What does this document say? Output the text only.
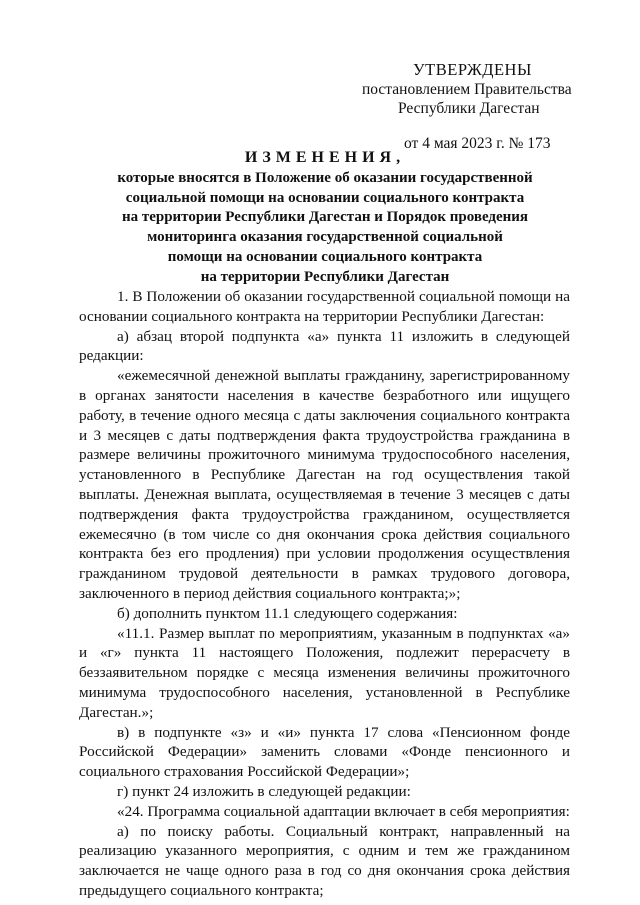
УТВЕРЖДЕНЫ
постановлением Правительства
Республики Дагестан
от 4 мая 2023 г. № 173
ИЗМЕНЕНИЯ,
которые вносятся в Положение об оказании государственной
социальной помощи на основании социального контракта
на территории Республики Дагестан и Порядок проведения
мониторинга оказания государственной социальной
помощи на основании социального контракта
на территории Республики Дагестан

1. В Положении об оказании государственной социальной помощи на основании социального контракта на территории Республики Дагестан:

а) абзац второй подпункта «а» пункта 11 изложить в следующей редакции:

«ежемесячной денежной выплаты гражданину, зарегистрированному в органах занятости населения в качестве безработного или ищущего работу, в течение одного месяца с даты заключения социального контракта и 3 месяцев с даты подтверждения факта трудоустройства гражданина в размере величины прожиточного минимума трудоспособного населения, установленного в Республике Дагестан на год осуществления такой выплаты. Денежная выплата, осуществляемая в течение 3 месяцев с даты подтверждения факта трудоустройства гражданином, осуществляется ежемесячно (в том числе со дня окончания срока действия социального контракта без его продления) при условии продолжения осуществления гражданином трудовой деятельности в рамках трудового договора, заключенного в период действия социального контракта;»;

б) дополнить пунктом 11.1 следующего содержания:

«11.1. Размер выплат по мероприятиям, указанным в подпунктах «а» и «г» пункта 11 настоящего Положения, подлежит перерасчету в беззаявительном порядке с месяца изменения величины прожиточного минимума трудоспособного населения, установленной в Республике Дагестан.»;

в) в подпункте «з» и «и» пункта 17 слова «Пенсионном фонде Российской Федерации» заменить словами «Фонде пенсионного и социального страхования Российской Федерации»;

г) пункт 24 изложить в следующей редакции:

«24. Программа социальной адаптации включает в себя мероприятия:

а) по поиску работы. Социальный контракт, направленный на реализацию указанного мероприятия, с одним и тем же гражданином заключается не чаще одного раза в год со дня окончания срока действия предыдущего социального контракта;
